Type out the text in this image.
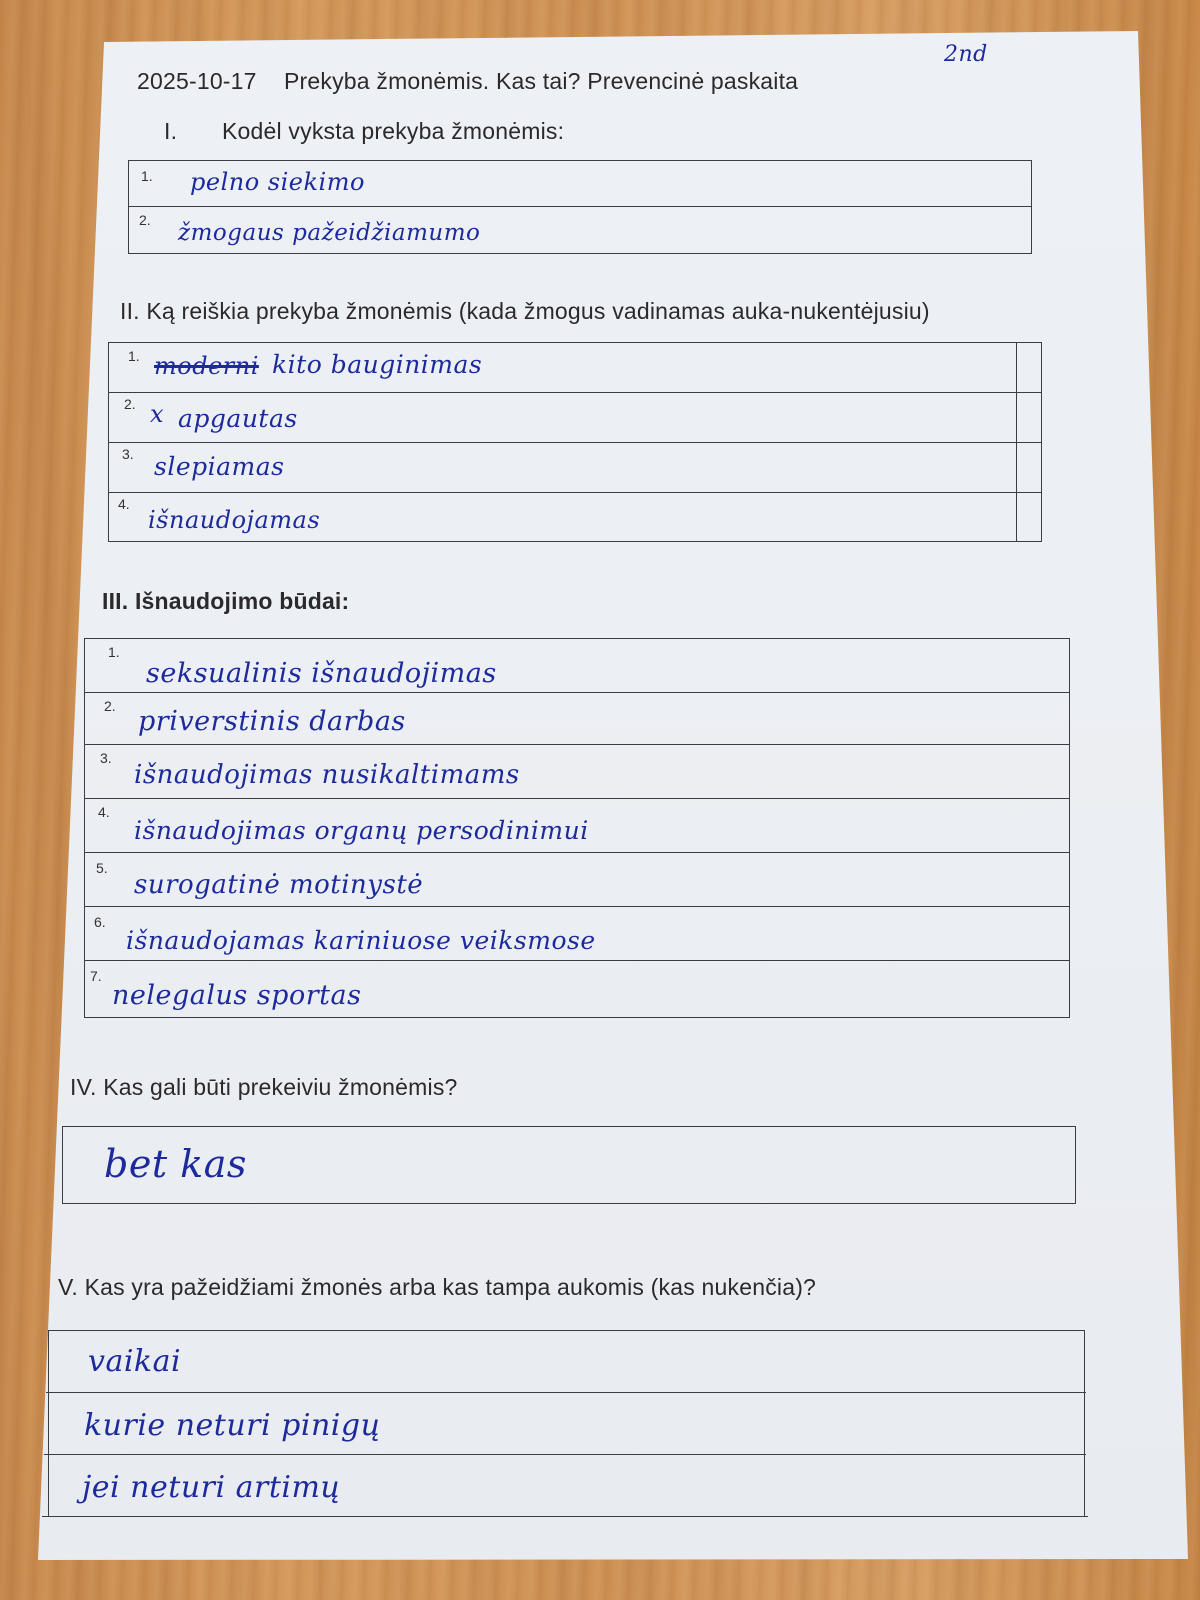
2nd
2025-10-17 Prekyba žmonėmis. Kas tai? Prevencinė paskaita
I. Kodėl vyksta prekyba žmonėmis:
1. pelno siekimo
2. žmogaus pažeidžiamumo
II. Ką reiškia prekyba žmonėmis (kada žmogus vadinamas auka-nukentėjusiu)
1. moderni kito bauginimas
2. x apgautas
3. slepiamas
4.
išnaudojamas
III. Išnaudojimo būdai:
1.
seksualinis išnaudojimas
2. priverstinis darbas
3.
išnaudojimas nusikaltimams
4.
išnaudojimas organų persodinimui
5.
surogatinė motinystė
6.
išnaudojamas kariniuose veiksmose
7.
nelegalus sportas
IV. Kas gali būti prekeiviu žmonėmis?
bet kas
V. Kas yra pažeidžiami žmonės arba kas tampa aukomis (kas nukenčia)?
vaikai
kurie neturi pinigų
jei neturi artimų
